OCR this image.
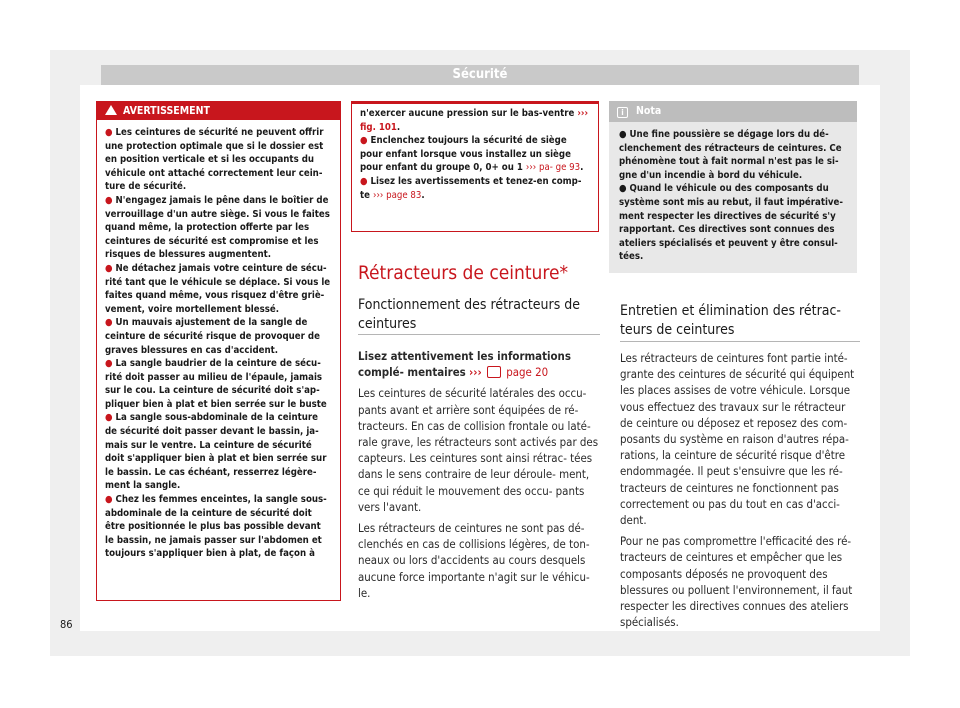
Sécurité
AVERTISSEMENT
● Les ceintures de sécurité ne peuvent offrir une protection optimale que si le dossier est en position verticale et si les occupants du véhicule ont attaché correctement leur cein- ture de sécurité.
● N'engagez jamais le pêne dans le boîtier de verrouillage d'un autre siège. Si vous le faites quand même, la protection offerte par les ceintures de sécurité est compromise et les risques de blessures augmentent.
● Ne détachez jamais votre ceinture de sécu- rité tant que le véhicule se déplace. Si vous le faites quand même, vous risquez d'être griè- vement, voire mortellement blessé.
● Un mauvais ajustement de la sangle de ceinture de sécurité risque de provoquer de graves blessures en cas d'accident.
● La sangle baudrier de la ceinture de sécu- rité doit passer au milieu de l'épaule, jamais sur le cou. La ceinture de sécurité doit s'ap- pliquer bien à plat et bien serrée sur le buste
● La sangle sous-abdominale de la ceinture de sécurité doit passer devant le bassin, ja- mais sur le ventre. La ceinture de sécurité doit s'appliquer bien à plat et bien serrée sur le bassin. Le cas échéant, resserrez légère- ment la sangle.
● Chez les femmes enceintes, la sangle sous- abdominale de la ceinture de sécurité doit être positionnée le plus bas possible devant le bassin, ne jamais passer sur l'abdomen et toujours s'appliquer bien à plat, de façon à
n'exercer aucune pression sur le bas-ventre ››› fig. 101.
● Enclenchez toujours la sécurité de siège pour enfant lorsque vous installez un siège pour enfant du groupe 0, 0+ ou 1 ››› pa- ge 93.
● Lisez les avertissements et tenez-en comp- te ››› page 83.
Rétracteurs de ceinture*
Fonctionnement des rétracteurs de ceintures

Lisez attentivement les informations complé- mentaires ››› page 20

Les ceintures de sécurité latérales des occu- pants avant et arrière sont équipées de ré- tracteurs. En cas de collision frontale ou laté- rale grave, les rétracteurs sont activés par des capteurs. Les ceintures sont ainsi rétrac- tées dans le sens contraire de leur déroule- ment, ce qui réduit le mouvement des occu- pants vers l'avant.

Les rétracteurs de ceintures ne sont pas dé- clenchés en cas de collisions légères, de ton- neaux ou lors d'accidents au cours desquels aucune force importante n'agit sur le véhicu- le.

i Nota
● Une fine poussière se dégage lors du dé- clenchement des rétracteurs de ceintures. Ce phénomène tout à fait normal n'est pas le si- gne d'un incendie à bord du véhicule.
● Quand le véhicule ou des composants du système sont mis au rebut, il faut impérative- ment respecter les directives de sécurité s'y rapportant. Ces directives sont connues des ateliers spécialisés et peuvent y être consul- tées.
Entretien et élimination des rétrac- teurs de ceintures

Les rétracteurs de ceintures font partie inté- grante des ceintures de sécurité qui équipent les places assises de votre véhicule. Lorsque vous effectuez des travaux sur le rétracteur de ceinture ou déposez et reposez des com- posants du système en raison d'autres répa- rations, la ceinture de sécurité risque d'être endommagée. Il peut s'ensuivre que les ré- tracteurs de ceintures ne fonctionnent pas correctement ou pas du tout en cas d'acci- dent.

Pour ne pas compromettre l'efficacité des ré- tracteurs de ceintures et empêcher que les composants déposés ne provoquent des blessures ou polluent l'environnement, il faut respecter les directives connues des ateliers spécialisés.

86
